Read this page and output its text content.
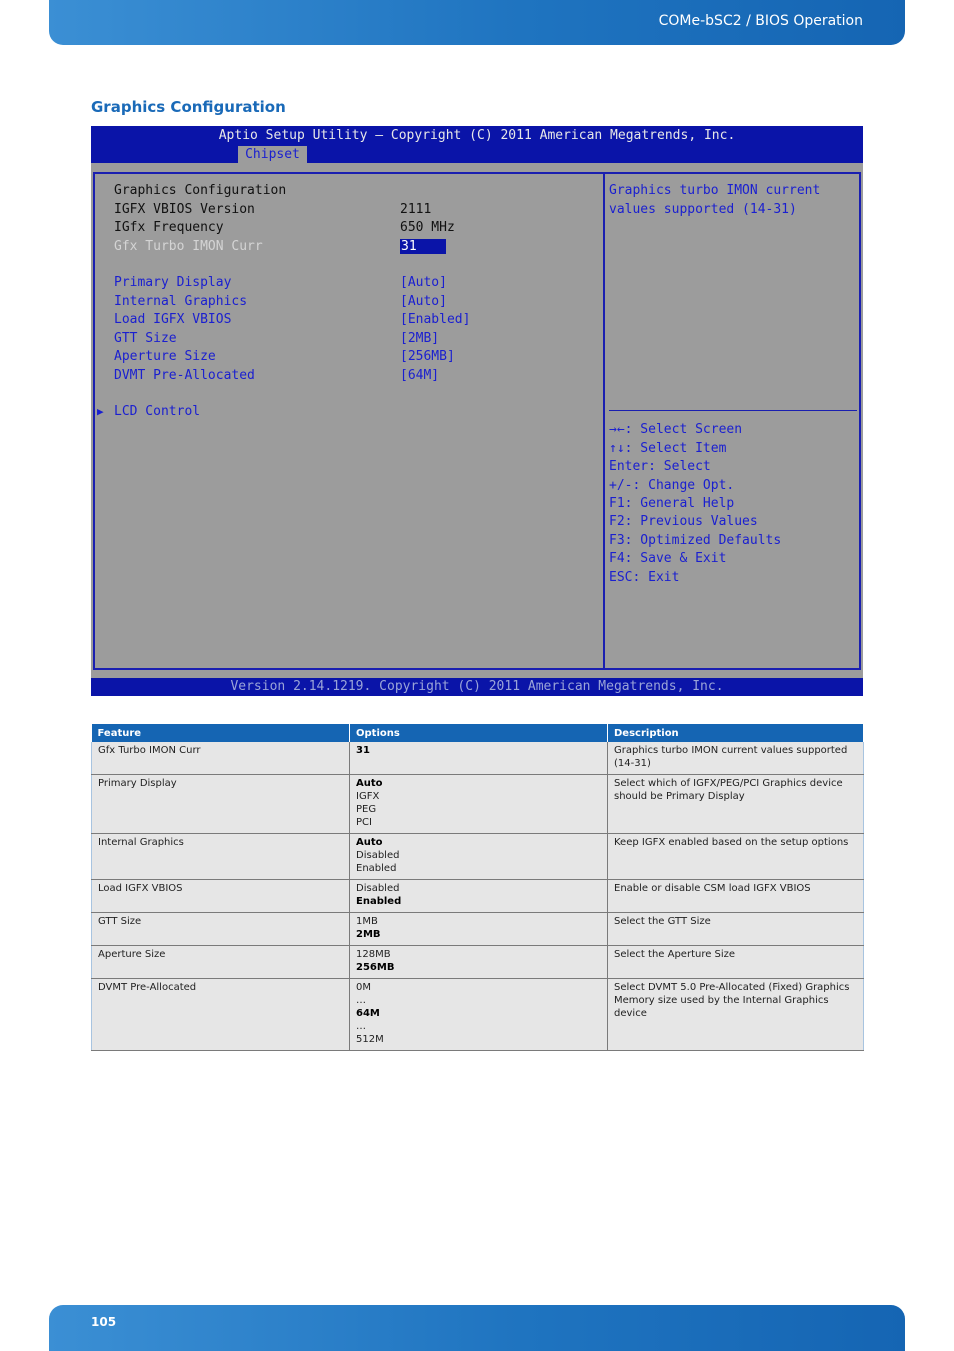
COMe-bSC2 / BIOS Operation
Graphics Configuration
Aptio Setup Utility – Copyright (C) 2011 American Megatrends, Inc.
Chipset
Graphics Configuration
IGFX VBIOS Version	2111
IGfx Frequency	650 MHz
Gfx Turbo IMON Curr	31
Primary Display	[Auto]
Internal Graphics	[Auto]
Load IGFX VBIOS	[Enabled]
GTT Size	[2MB]
Aperture Size	[256MB]
DVMT Pre-Allocated	[64M]
▶ LCD Control
Graphics turbo IMON current
values supported (14-31)
→←: Select Screen
↑↓: Select Item
Enter: Select
+/-: Change Opt.
F1: General Help
F2: Previous Values
F3: Optimized Defaults
F4: Save & Exit
ESC: Exit
Version 2.14.1219. Copyright (C) 2011 American Megatrends, Inc.
Feature	Options	Description
Gfx Turbo IMON Curr	31	Graphics turbo IMON current values supported (14-31)
Primary Display	Auto
IGFX
PEG
PCI	Select which of IGFX/PEG/PCI Graphics device should be Primary Display
Internal Graphics	Auto
Disabled
Enabled	Keep IGFX enabled based on the setup options
Load IGFX VBIOS	Disabled
Enabled	Enable or disable CSM load IGFX VBIOS
GTT Size	1MB
2MB	Select the GTT Size
Aperture Size	128MB
256MB	Select the Aperture Size
DVMT Pre-Allocated	0M
…
64M
…
512M	Select DVMT 5.0 Pre-Allocated (Fixed) Graphics Memory size used by the Internal Graphics device
105
